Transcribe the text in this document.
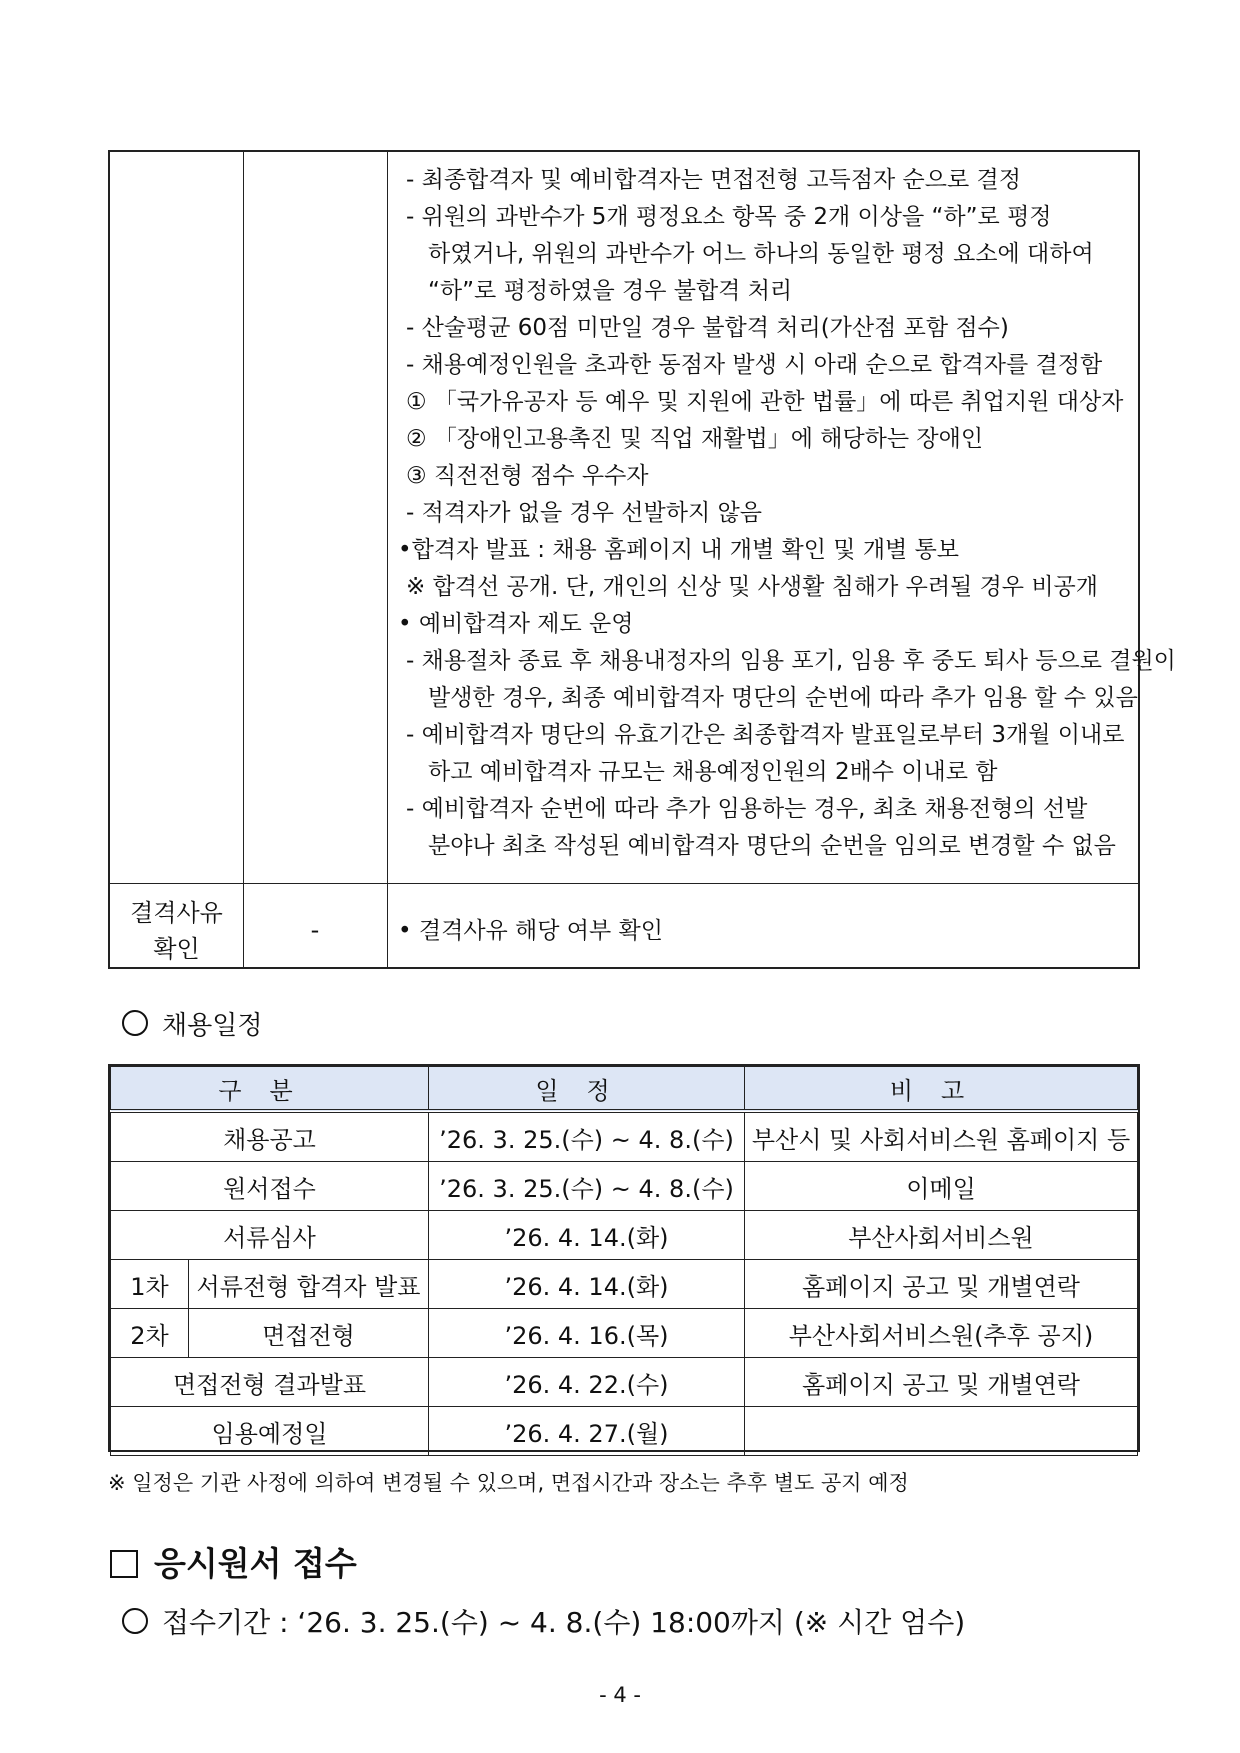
- 최종합격자 및 예비합격자는 면접전형 고득점자 순으로 결정
- 위원의 과반수가 5개 평정요소 항목 중 2개 이상을 “하”로 평정
하였거나, 위원의 과반수가 어느 하나의 동일한 평정 요소에 대하여
“하”로 평정하였을 경우 불합격 처리
- 산술평균 60점 미만일 경우 불합격 처리(가산점 포함 점수)
- 채용예정인원을 초과한 동점자 발생 시 아래 순으로 합격자를 결정함
① 「국가유공자 등 예우 및 지원에 관한 법률」에 따른 취업지원 대상자
② 「장애인고용촉진 및 직업 재활법」에 해당하는 장애인
③ 직전전형 점수 우수자
- 적격자가 없을 경우 선발하지 않음
•합격자 발표 : 채용 홈페이지 내 개별 확인 및 개별 통보
※ 합격선 공개. 단, 개인의 신상 및 사생활 침해가 우려될 경우 비공개
• 예비합격자 제도 운영
- 채용절차 종료 후 채용내정자의 임용 포기, 임용 후 중도 퇴사 등으로 결원이
발생한 경우, 최종 예비합격자 명단의 순번에 따라 추가 임용 할 수 있음
- 예비합격자 명단의 유효기간은 최종합격자 발표일로부터 3개월 이내로
하고 예비합격자 규모는 채용예정인원의 2배수 이내로 함
- 예비합격자 순번에 따라 추가 임용하는 경우, 최초 채용전형의 선발
분야나 최초 작성된 예비합격자 명단의 순번을 임의로 변경할 수 없음
결격사유
확인
-	• 결격사유 해당 여부 확인
채용일정
구분		일정	비고
채용공고		’26. 3. 25.(수) ~ 4. 8.(수)	부산시 및 사회서비스원 홈페이지 등
원서접수		’26. 3. 25.(수) ~ 4. 8.(수)	이메일
서류심사		’26. 4. 14.(화)	부산사회서비스원
1차	서류전형 합격자 발표	’26. 4. 14.(화)	홈페이지 공고 및 개별연락
2차	면접전형	’26. 4. 16.(목)	부산사회서비스원(추후 공지)
면접전형 결과발표		’26. 4. 22.(수)	홈페이지 공고 및 개별연락
임용예정일		’26. 4. 27.(월)	
※ 일정은 기관 사정에 의하여 변경될 수 있으며, 면접시간과 장소는 추후 별도 공지 예정
응시원서 접수
접수기간 : ‘26. 3. 25.(수) ~ 4. 8.(수) 18:00까지 (※ 시간 엄수)
- 4 -
